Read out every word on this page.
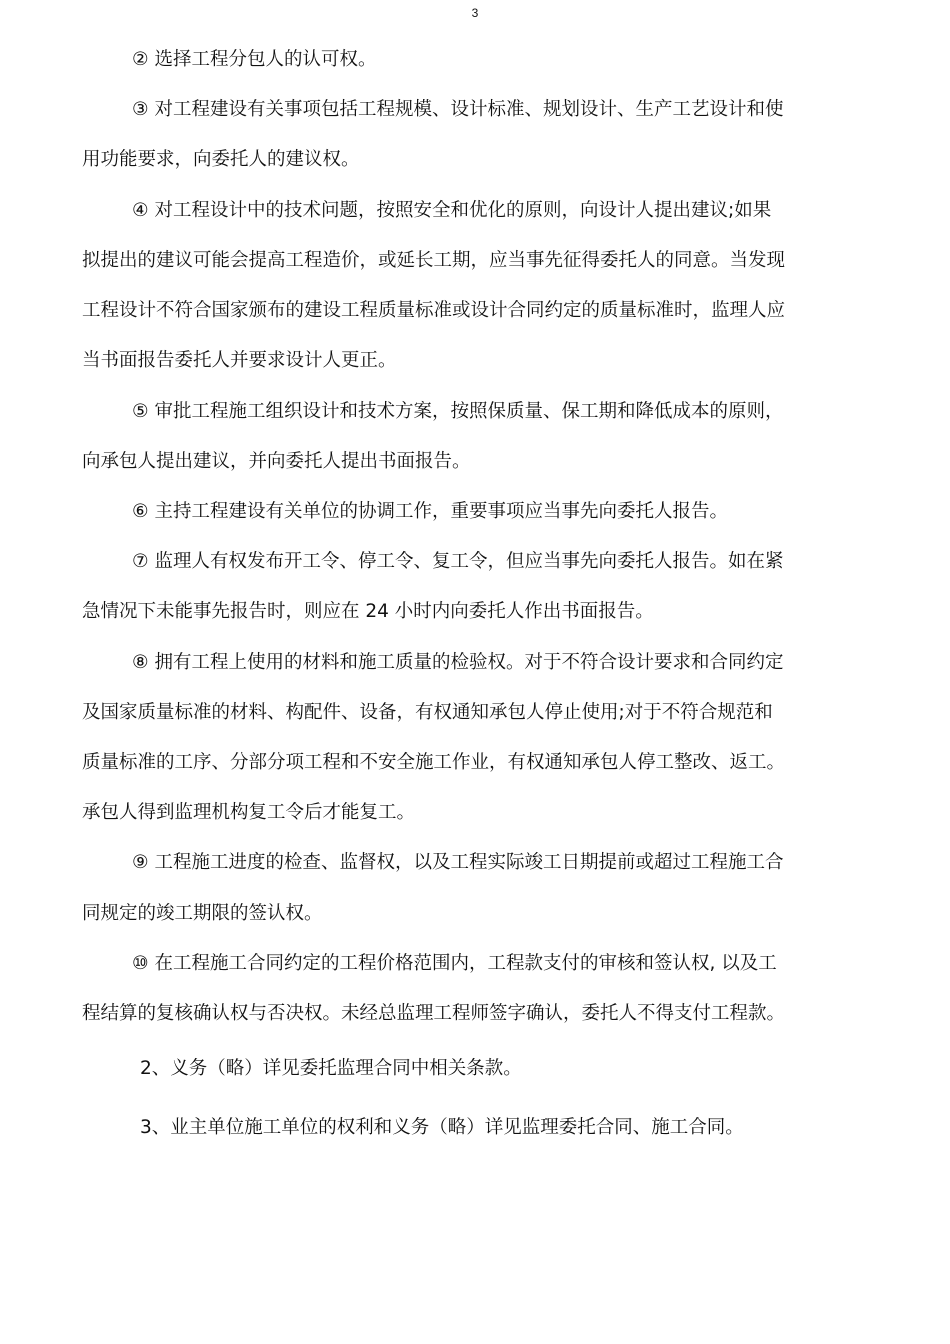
3
② 选择工程分包人的认可权。
③ 对工程建设有关事项包括工程规模、设计标准、规划设计、生产工艺设计和使
用功能要求，向委托人的建议权。
④ 对工程设计中的技术问题，按照安全和优化的原则，向设计人提出建议;如果
拟提出的建议可能会提高工程造价，或延长工期，应当事先征得委托人的同意。当发现
工程设计不符合国家颁布的建设工程质量标准或设计合同约定的质量标准时，监理人应
当书面报告委托人并要求设计人更正。
⑤ 审批工程施工组织设计和技术方案，按照保质量、保工期和降低成本的原则，
向承包人提出建议，并向委托人提出书面报告。
⑥ 主持工程建设有关单位的协调工作，重要事项应当事先向委托人报告。
⑦ 监理人有权发布开工令、停工令、复工令，但应当事先向委托人报告。如在紧
急情况下未能事先报告时，则应在 24 小时内向委托人作出书面报告。
⑧ 拥有工程上使用的材料和施工质量的检验权。对于不符合设计要求和合同约定
及国家质量标准的材料、构配件、设备，有权通知承包人停止使用;对于不符合规范和
质量标准的工序、分部分项工程和不安全施工作业，有权通知承包人停工整改、返工。
承包人得到监理机构复工令后才能复工。
⑨ 工程施工进度的检查、监督权，以及工程实际竣工日期提前或超过工程施工合
同规定的竣工期限的签认权。
⑩ 在工程施工合同约定的工程价格范围内，工程款支付的审核和签认权, 以及工
程结算的复核确认权与否决权。未经总监理工程师签字确认，委托人不得支付工程款。
2、义务（略）详见委托监理合同中相关条款。
3、业主单位施工单位的权利和义务（略）详见监理委托合同、施工合同。
